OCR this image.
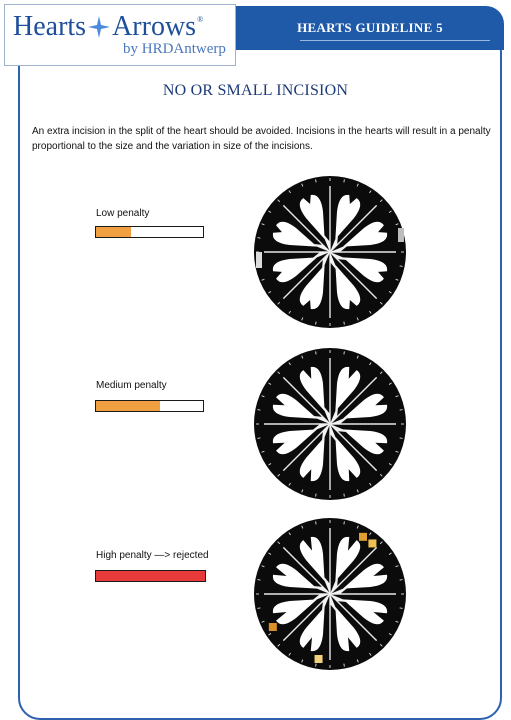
HEARTS GUIDELINE 5
Hearts Arrows ®
by HRDAntwerp
NO OR SMALL INCISION
An extra incision in the split of the heart should be avoided. Incisions in the hearts will result in a penalty proportional to the size and the variation in size of the incisions.
Low penalty
Medium penalty
High penalty —> rejected
